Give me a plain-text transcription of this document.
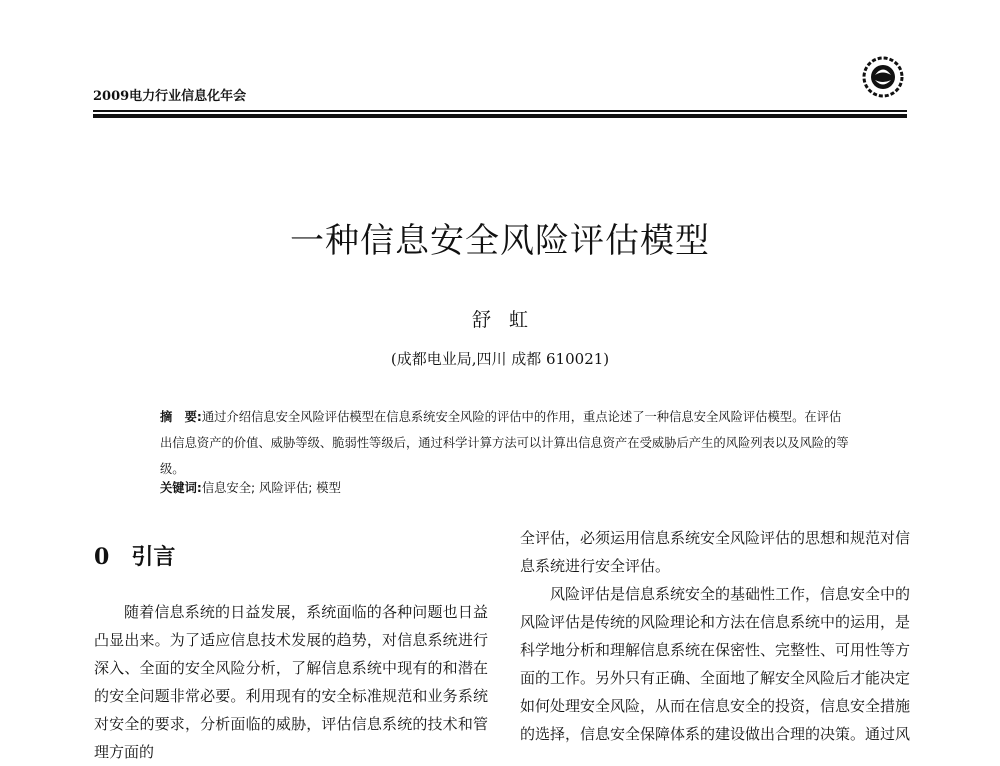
2009电力行业信息化年会
一种信息安全风险评估模型
舒虹
(成都电业局,四川 成都 610021)

摘　要:通过介绍信息安全风险评估模型在信息系统安全风险的评估中的作用，重点论述了一种信息安全风险评估模型。在评估出信息资产的价值、威胁等级、脆弱性等级后，通过科学计算方法可以计算出信息资产在受威胁后产生的风险列表以及风险的等级。

关键词:信息安全; 风险评估; 模型
0 引言

随着信息系统的日益发展，系统面临的各种问题也日益凸显出来。为了适应信息技术发展的趋势，对信息系统进行深入、全面的安全风险分析，了解信息系统中现有的和潜在的安全问题非常必要。利用现有的安全标准规范和业务系统对安全的要求，分析面临的威胁，评估信息系统的技术和管理方面的

全评估，必须运用信息系统安全风险评估的思想和规范对信息系统进行安全评估。

风险评估是信息系统安全的基础性工作，信息安全中的风险评估是传统的风险理论和方法在信息系统中的运用，是科学地分析和理解信息系统在保密性、完整性、可用性等方面的工作。另外只有正确、全面地了解安全风险后才能决定如何处理安全风险，从而在信息安全的投资，信息安全措施的选择，信息安全保障体系的建设做出合理的决策。通过风
